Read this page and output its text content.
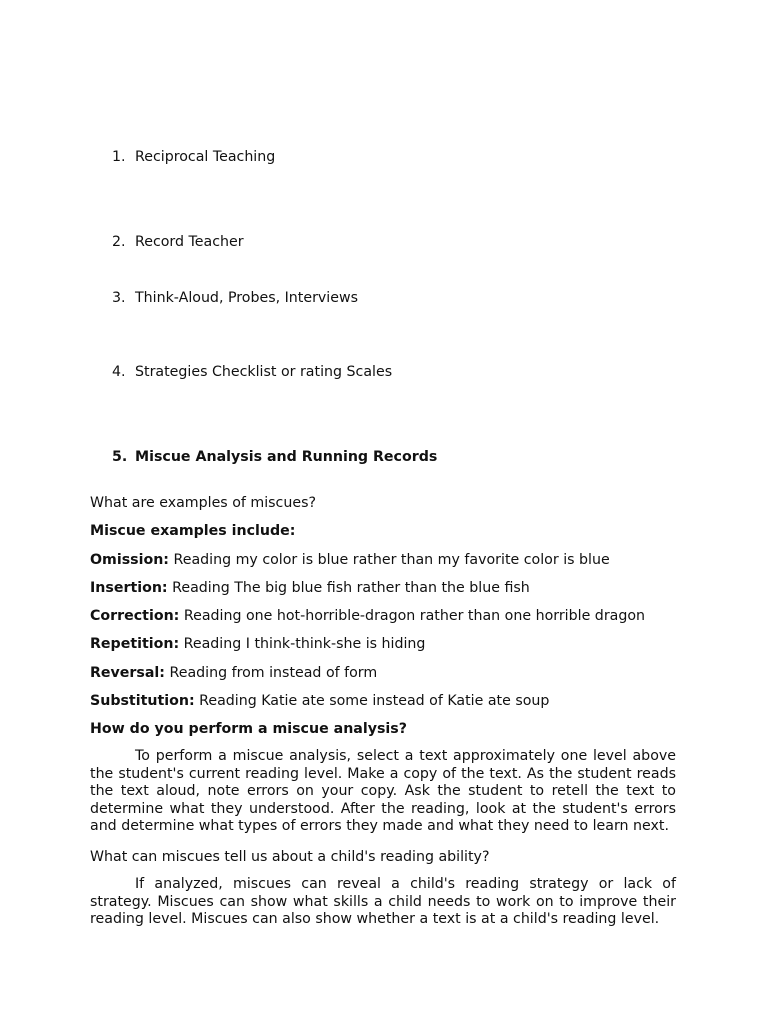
1. Reciprocal Teaching
2. Record Teacher
3. Think-Aloud, Probes, Interviews
4. Strategies Checklist or rating Scales
5. Miscue Analysis and Running Records
What are examples of miscues?
Miscue examples include:
Omission: Reading my color is blue rather than my favorite color is blue
Insertion: Reading The big blue fish rather than the blue fish
Correction: Reading one hot-horrible-dragon rather than one horrible dragon
Repetition: Reading I think-think-she is hiding
Reversal: Reading from instead of form
Substitution: Reading Katie ate some instead of Katie ate soup
How do you perform a miscue analysis?

To perform a miscue analysis, select a text approximately one level above the student's current reading level. Make a copy of the text. As the student reads the text aloud, note errors on your copy. Ask the student to retell the text to determine what they understood. After the reading, look at the student's errors and determine what types of errors they made and what they need to learn next.

What can miscues tell us about a child's reading ability?

If analyzed, miscues can reveal a child's reading strategy or lack of strategy. Miscues can show what skills a child needs to work on to improve their reading level. Miscues can also show whether a text is at a child's reading level.
